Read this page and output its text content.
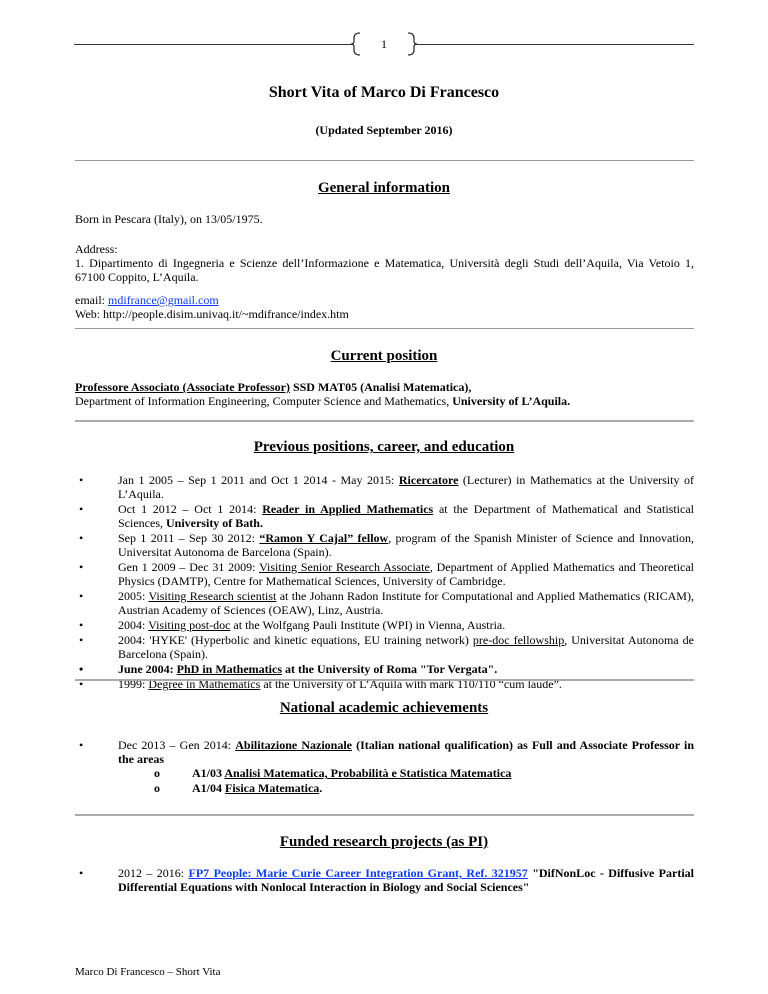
1
Short Vita of Marco Di Francesco
(Updated September 2016)
General information
Born in Pescara (Italy), on 13/05/1975.
Address:
1. Dipartimento di Ingegneria e Scienze dell’Informazione e Matematica, Università degli Studi dell’Aquila, Via Vetoio 1, 67100 Coppito, L’Aquila.
email: mdifrance@gmail.com
Web: http://people.disim.univaq.it/~mdifrance/index.htm
Current position
Professore Associato (Associate Professor) SSD MAT05 (Analisi Matematica),
Department of Information Engineering, Computer Science and Mathematics, University of L’Aquila.
Previous positions, career, and education
• Jan 1 2005 – Sep 1 2011 and Oct 1 2014 - May 2015: Ricercatore (Lecturer) in Mathematics at the University of L’Aquila.
• Oct 1 2012 – Oct 1 2014: Reader in Applied Mathematics at the Department of Mathematical and Statistical Sciences, University of Bath.
• Sep 1 2011 – Sep 30 2012: “Ramon Y Cajal” fellow, program of the Spanish Minister of Science and Innovation, Universitat Autonoma de Barcelona (Spain).
• Gen 1 2009 – Dec 31 2009: Visiting Senior Research Associate, Department of Applied Mathematics and Theoretical Physics (DAMTP), Centre for Mathematical Sciences, University of Cambridge.
• 2005: Visiting Research scientist at the Johann Radon Institute for Computational and Applied Mathematics (RICAM), Austrian Academy of Sciences (OEAW), Linz, Austria.
• 2004: Visiting post-doc at the Wolfgang Pauli Institute (WPI) in Vienna, Austria.
• 2004: 'HYKE' (Hyperbolic and kinetic equations, EU training network) pre-doc fellowship, Universitat Autonoma de Barcelona (Spain).
• June 2004: PhD in Mathematics at the University of Roma "Tor Vergata".
• 1999: Degree in Mathematics at the University of L’Aquila with mark 110/110 “cum laude”.
National academic achievements
• Dec 2013 – Gen 2014: Abilitazione Nazionale (Italian national qualification) as Full and Associate Professor in the areas
o A1/03 Analisi Matematica, Probabilità e Statistica Matematica
o A1/04 Fisica Matematica.
Funded research projects (as PI)
• 2012 – 2016: FP7 People: Marie Curie Career Integration Grant, Ref. 321957 "DifNonLoc - Diffusive Partial Differential Equations with Nonlocal Interaction in Biology and Social Sciences"
Marco Di Francesco – Short Vita
